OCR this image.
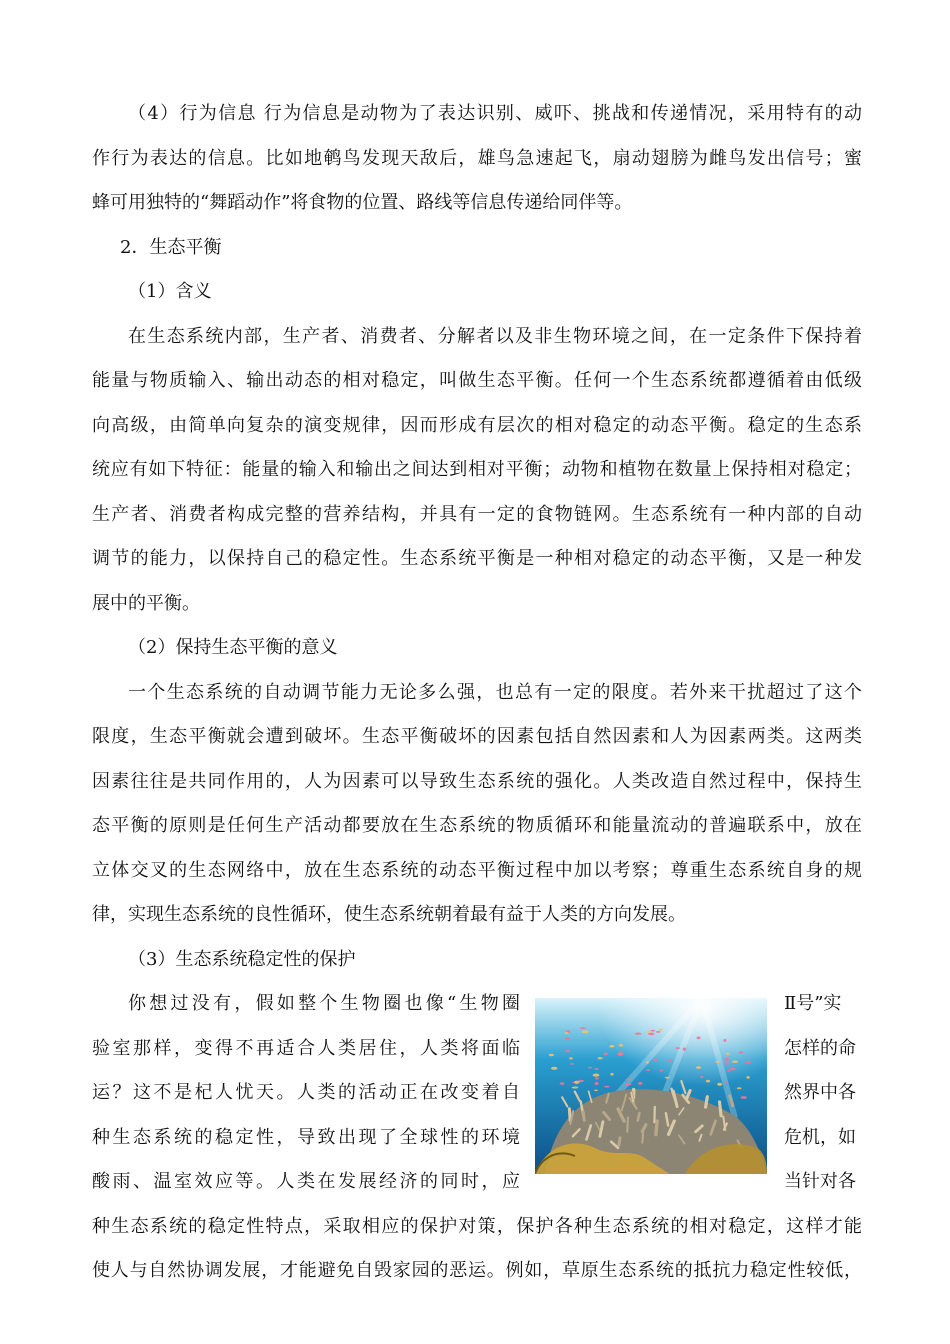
（4）行为信息 行为信息是动物为了表达识别、威吓、挑战和传递情况，采用特有的动
作行为表达的信息。比如地鹌鸟发现天敌后，雄鸟急速起飞，扇动翅膀为雌鸟发出信号；蜜
蜂可用独特的“舞蹈动作”将食物的位置、路线等信息传递给同伴等。
2．生态平衡
（1）含义
在生态系统内部，生产者、消费者、分解者以及非生物环境之间，在一定条件下保持着
能量与物质输入、输出动态的相对稳定，叫做生态平衡。任何一个生态系统都遵循着由低级
向高级，由简单向复杂的演变规律，因而形成有层次的相对稳定的动态平衡。稳定的生态系
统应有如下特征：能量的输入和输出之间达到相对平衡；动物和植物在数量上保持相对稳定；
生产者、消费者构成完整的营养结构，并具有一定的食物链网。生态系统有一种内部的自动
调节的能力，以保持自己的稳定性。生态系统平衡是一种相对稳定的动态平衡，又是一种发
展中的平衡。
（2）保持生态平衡的意义
一个生态系统的自动调节能力无论多么强，也总有一定的限度。若外来干扰超过了这个
限度，生态平衡就会遭到破坏。生态平衡破坏的因素包括自然因素和人为因素两类。这两类
因素往往是共同作用的，人为因素可以导致生态系统的强化。人类改造自然过程中，保持生
态平衡的原则是任何生产活动都要放在生态系统的物质循环和能量流动的普遍联系中，放在
立体交叉的生态网络中，放在生态系统的动态平衡过程中加以考察；尊重生态系统自身的规
律，实现生态系统的良性循环，使生态系统朝着最有益于人类的方向发展。
（3）生态系统稳定性的保护
你想过没有，假如整个生物圈也像“生物圈
验室那样，变得不再适合人类居住，人类将面临
运？这不是杞人忧天。人类的活动正在改变着自
种生态系统的稳定性，导致出现了全球性的环境
酸雨、温室效应等。人类在发展经济的同时，应
Ⅱ号”实
怎样的命
然界中各
危机，如
当针对各
种生态系统的稳定性特点，采取相应的保护对策，保护各种生态系统的相对稳定，这样才能
使人与自然协调发展，才能避免自毁家园的恶运。例如，草原生态系统的抵抗力稳定性较低，
